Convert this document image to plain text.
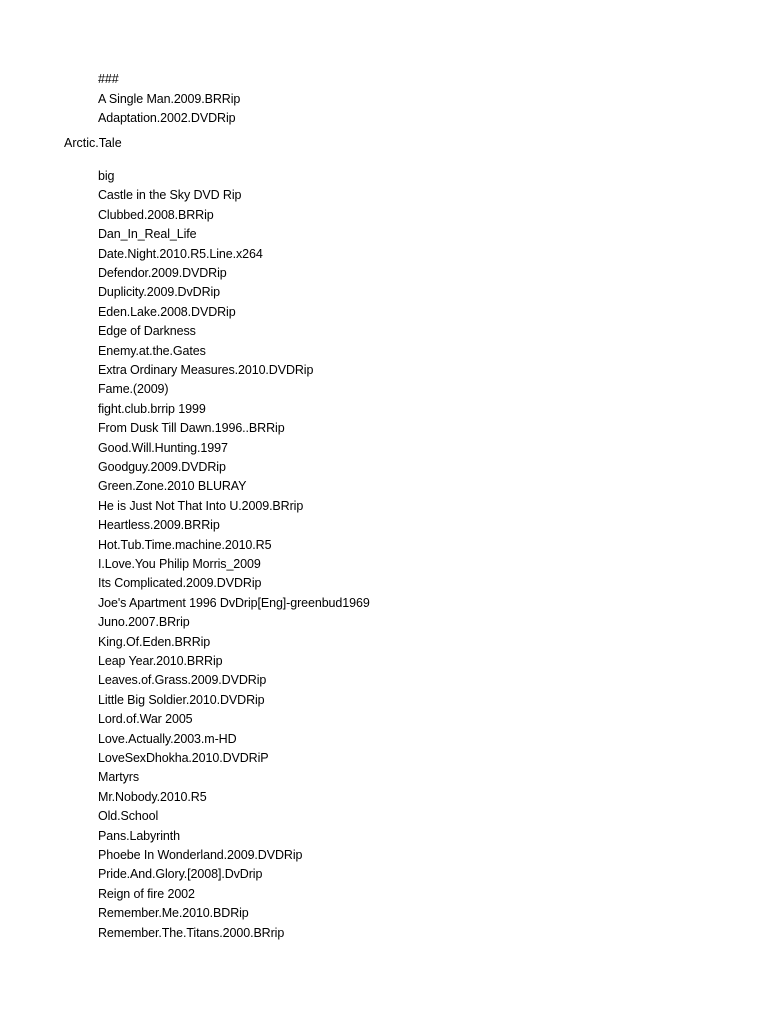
###
A Single Man.2009.BRRip
Adaptation.2002.DVDRip
Arctic.Tale
big
Castle in the Sky DVD Rip
Clubbed.2008.BRRip
Dan_In_Real_Life
Date.Night.2010.R5.Line.x264
Defendor.2009.DVDRip
Duplicity.2009.DvDRip
Eden.Lake.2008.DVDRip
Edge of Darkness
Enemy.at.the.Gates
Extra Ordinary Measures.2010.DVDRip
Fame.(2009)
fight.club.brrip 1999
From Dusk Till Dawn.1996..BRRip
Good.Will.Hunting.1997
Goodguy.2009.DVDRip
Green.Zone.2010 BLURAY
He is Just Not That Into U.2009.BRrip
Heartless.2009.BRRip
Hot.Tub.Time.machine.2010.R5
I.Love.You Philip Morris_2009
Its Complicated.2009.DVDRip
Joe's Apartment 1996 DvDrip[Eng]-greenbud1969
Juno.2007.BRrip
King.Of.Eden.BRRip
Leap Year.2010.BRRip
Leaves.of.Grass.2009.DVDRip
Little Big Soldier.2010.DVDRip
Lord.of.War 2005
Love.Actually.2003.m-HD
LoveSexDhokha.2010.DVDRiP
Martyrs
Mr.Nobody.2010.R5
Old.School
Pans.Labyrinth
Phoebe In Wonderland.2009.DVDRip
Pride.And.Glory.[2008].DvDrip
Reign of fire 2002
Remember.Me.2010.BDRip
Remember.The.Titans.2000.BRrip
